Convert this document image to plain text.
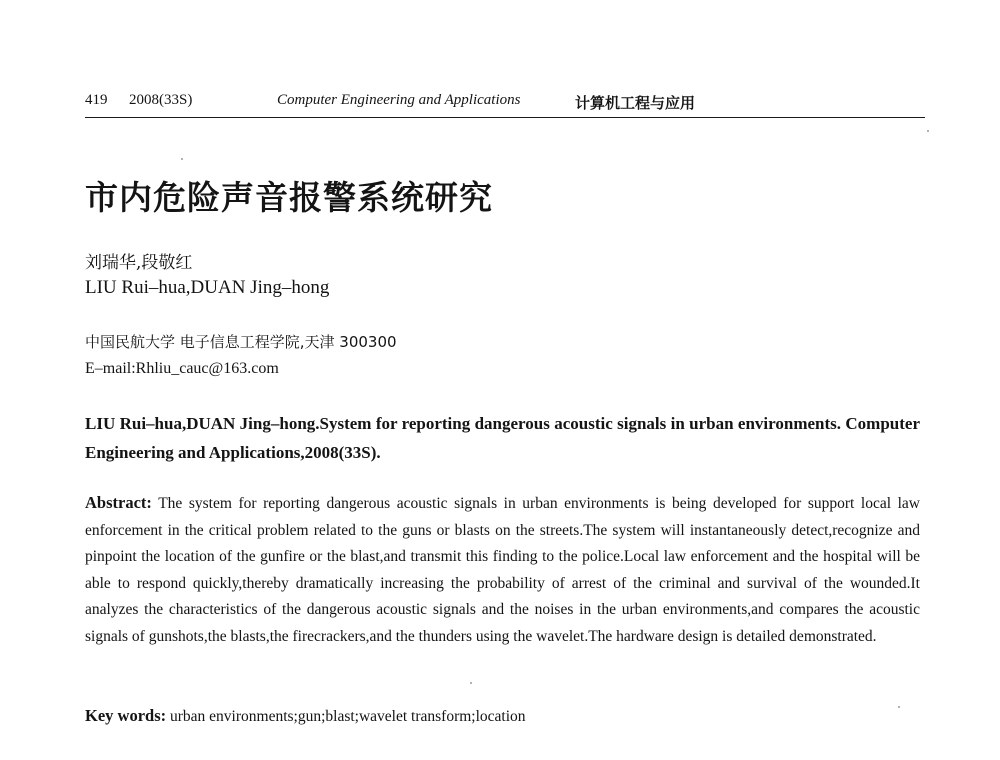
419 2008(33S)	Computer Engineering and Applications	计算机工程与应用
市内危险声音报警系统研究
刘瑞华,段敬红
LIU Rui–hua,DUAN Jing–hong
中国民航大学 电子信息工程学院,天津 300300
E–mail:Rhliu_cauc@163.com
LIU Rui–hua,DUAN Jing–hong.System for reporting dangerous acoustic signals in urban environments. Computer Engineering and Applications,2008(33S).

Abstract: The system for reporting dangerous acoustic signals in urban environments is being developed for support local law enforcement in the critical problem related to the guns or blasts on the streets.The system will instantaneously detect,recognize and pinpoint the location of the gunfire or the blast,and transmit this finding to the police.Local law enforcement and the hospital will be able to respond quickly,thereby dramatically increasing the probability of arrest of the criminal and survival of the wounded.It analyzes the characteristics of the dangerous acoustic signals and the noises in the urban environments,and compares the acoustic signals of gunshots,the blasts,the firecrackers,and the thunders using the wavelet.The hardware design is detailed demonstrated.

Key words: urban environments;gun;blast;wavelet transform;location
